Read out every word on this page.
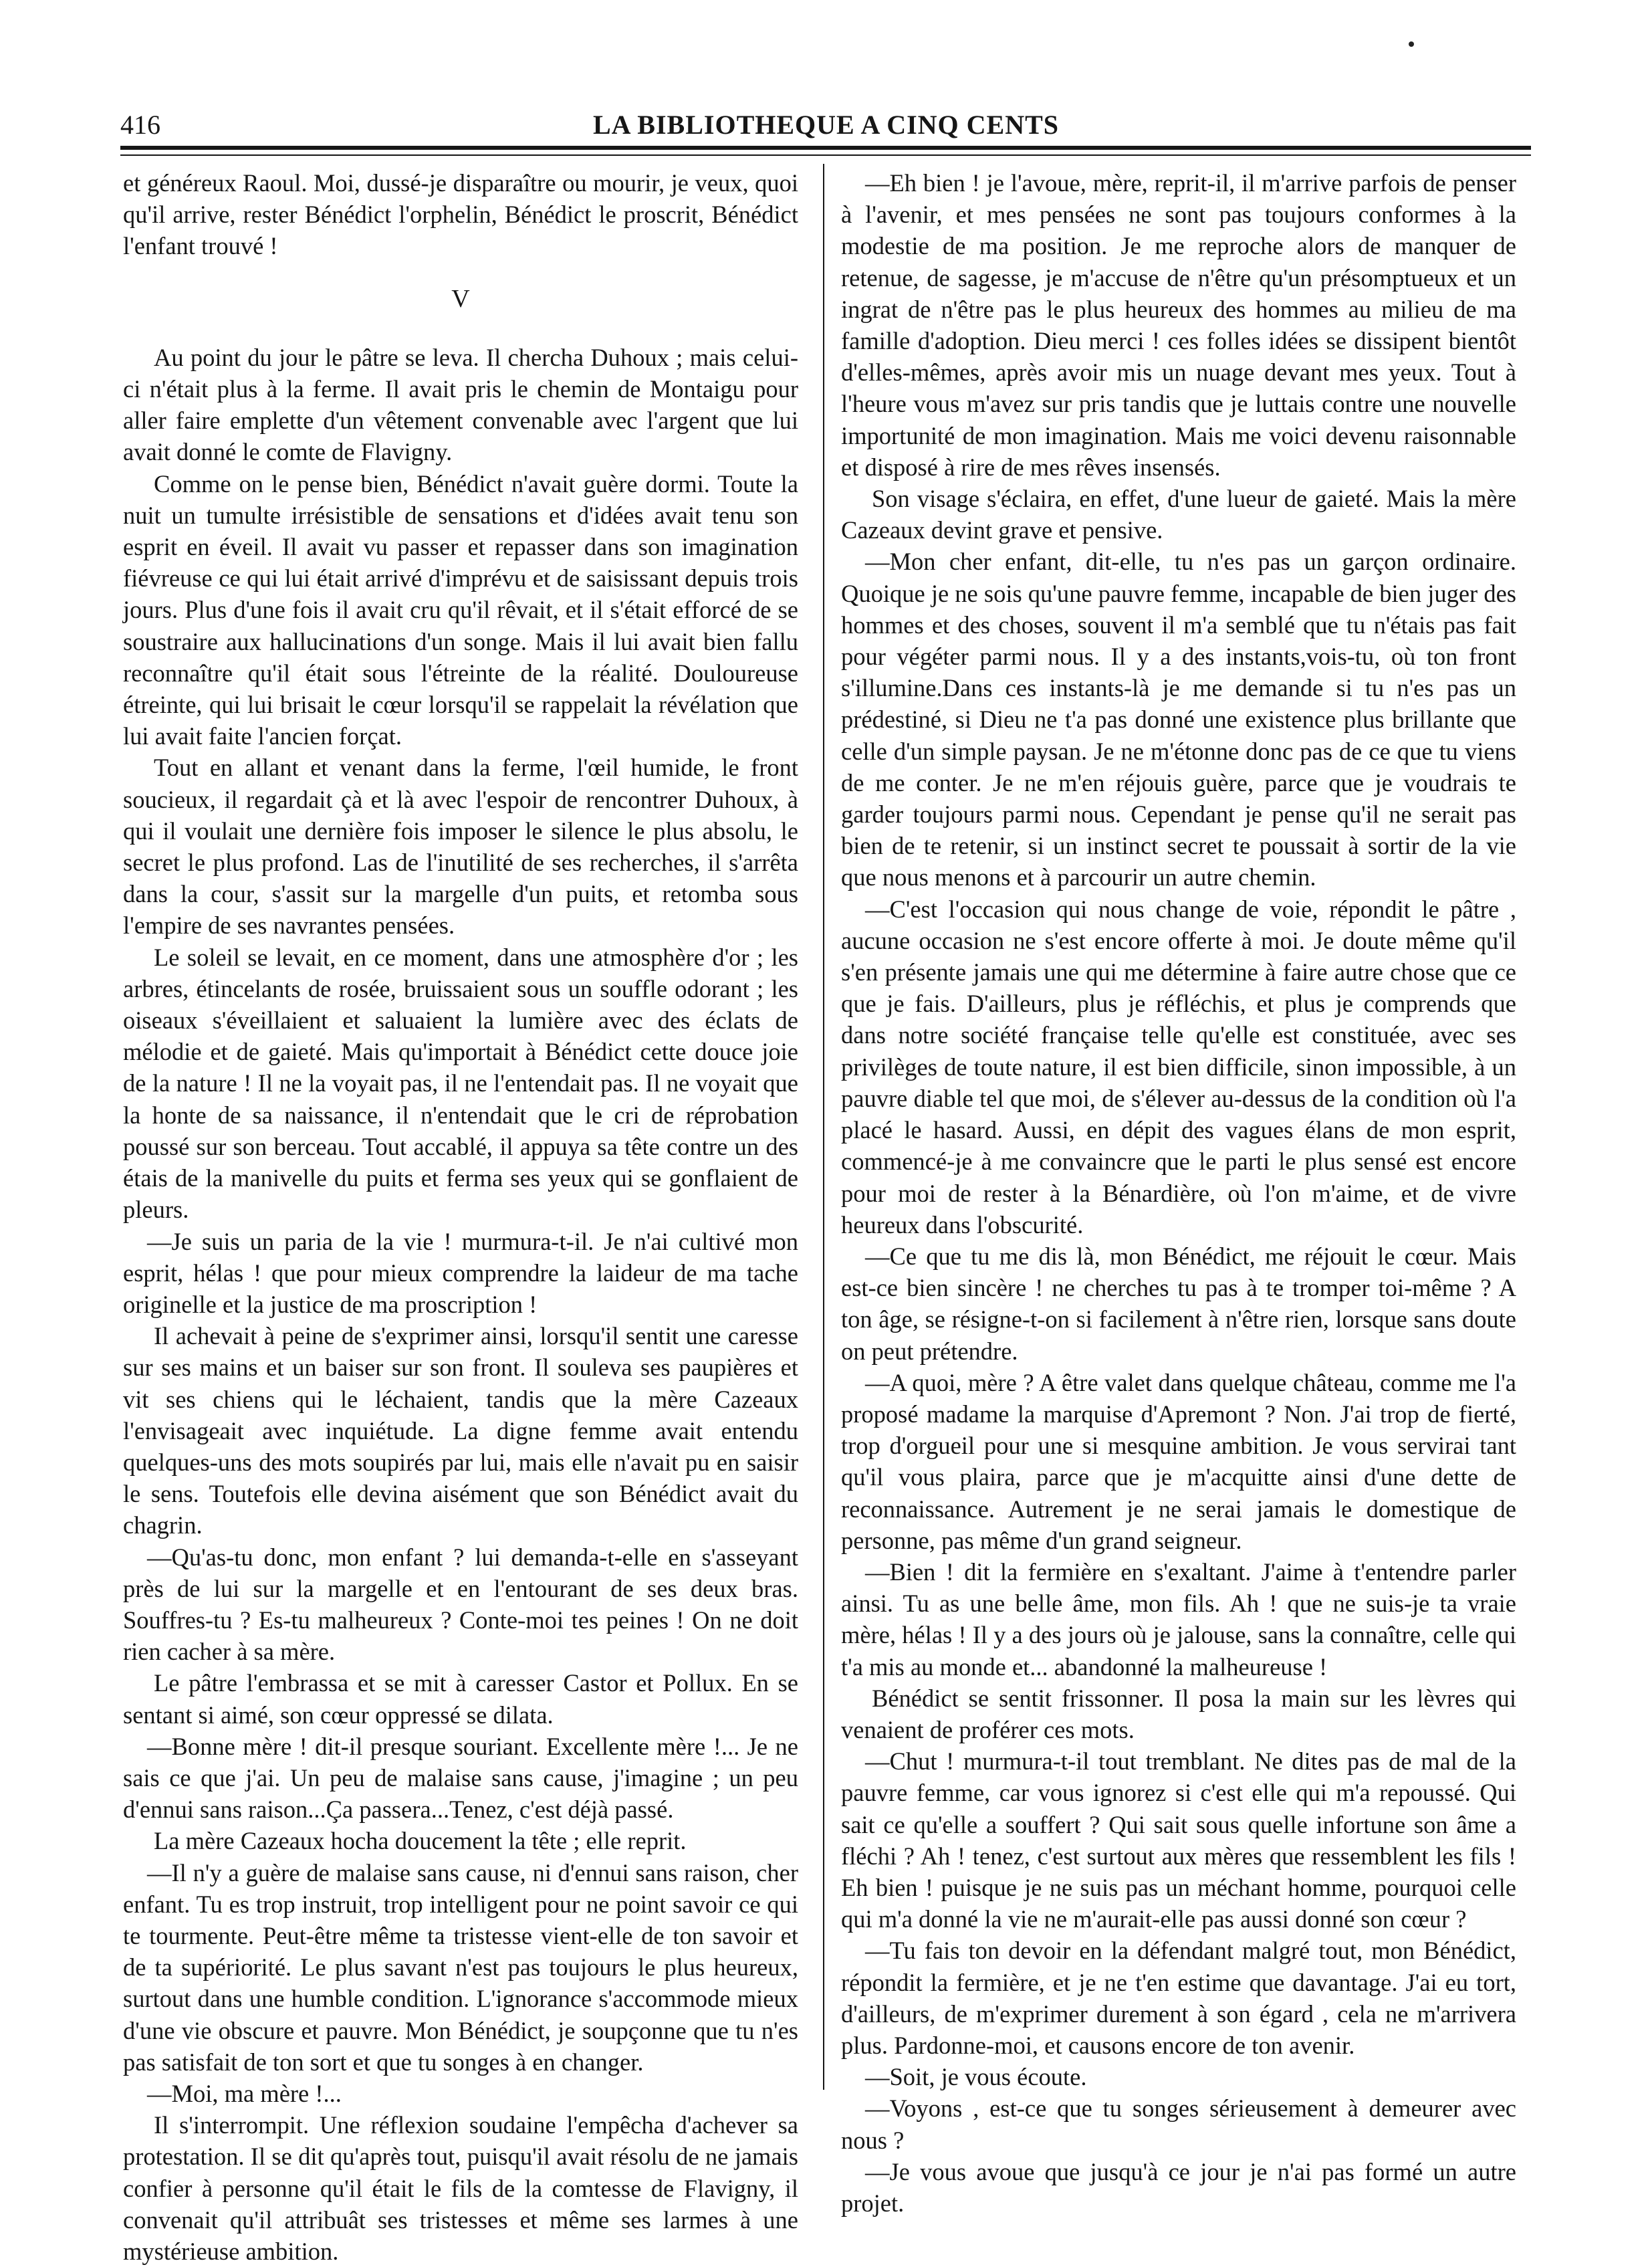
416	LA BIBLIOTHEQUE A CINQ CENTS

et généreux Raoul. Moi, dussé-je disparaître ou mourir, je veux, quoi qu'il arrive, rester Bénédict l'orphelin, Bénédict le proscrit, Bénédict l'enfant trouvé !

V

Au point du jour le pâtre se leva. Il chercha Duhoux ; mais celui-ci n'était plus à la ferme. Il avait pris le chemin de Montaigu pour aller faire emplette d'un vêtement convenable avec l'argent que lui avait donné le comte de Flavigny.

Comme on le pense bien, Bénédict n'avait guère dormi. Toute la nuit un tumulte irrésistible de sensations et d'idées avait tenu son esprit en éveil. Il avait vu passer et repasser dans son imagination fiévreuse ce qui lui était arrivé d'imprévu et de saisissant depuis trois jours. Plus d'une fois il avait cru qu'il rêvait, et il s'était efforcé de se soustraire aux hallucinations d'un songe. Mais il lui avait bien fallu reconnaître qu'il était sous l'étreinte de la réalité. Douloureuse étreinte, qui lui brisait le cœur lorsqu'il se rappelait la révélation que lui avait faite l'ancien forçat.

Tout en allant et venant dans la ferme, l'œil humide, le front soucieux, il regardait çà et là avec l'espoir de rencontrer Duhoux, à qui il voulait une dernière fois imposer le silence le plus absolu, le secret le plus profond. Las de l'inutilité de ses recherches, il s'arrêta dans la cour, s'assit sur la margelle d'un puits, et retomba sous l'empire de ses navrantes pensées.

Le soleil se levait, en ce moment, dans une atmosphère d'or ; les arbres, étincelants de rosée, bruissaient sous un souffle odorant ; les oiseaux s'éveillaient et saluaient la lumière avec des éclats de mélodie et de gaieté. Mais qu'importait à Bénédict cette douce joie de la nature ! Il ne la voyait pas, il ne l'entendait pas. Il ne voyait que la honte de sa naissance, il n'entendait que le cri de réprobation poussé sur son berceau. Tout accablé, il appuya sa tête contre un des étais de la manivelle du puits et ferma ses yeux qui se gonflaient de pleurs.

—Je suis un paria de la vie ! murmura-t-il. Je n'ai cultivé mon esprit, hélas ! que pour mieux comprendre la laideur de ma tache originelle et la justice de ma proscription !

Il achevait à peine de s'exprimer ainsi, lorsqu'il sentit une caresse sur ses mains et un baiser sur son front. Il souleva ses paupières et vit ses chiens qui le léchaient, tandis que la mère Cazeaux l'envisageait avec inquiétude. La digne femme avait entendu quelques-uns des mots soupirés par lui, mais elle n'avait pu en saisir le sens. Toutefois elle devina aisément que son Bénédict avait du chagrin.

—Qu'as-tu donc, mon enfant ? lui demanda-t-elle en s'asseyant près de lui sur la margelle et en l'entourant de ses deux bras. Souffres-tu ? Es-tu malheureux ? Conte-moi tes peines ! On ne doit rien cacher à sa mère.

Le pâtre l'embrassa et se mit à caresser Castor et Pollux. En se sentant si aimé, son cœur oppressé se dilata.

—Bonne mère ! dit-il presque souriant. Excellente mère !... Je ne sais ce que j'ai. Un peu de malaise sans cause, j'imagine ; un peu d'ennui sans raison...Ça passera...Tenez, c'est déjà passé.

La mère Cazeaux hocha doucement la tête ; elle reprit.

—Il n'y a guère de malaise sans cause, ni d'ennui sans raison, cher enfant. Tu es trop instruit, trop intelligent pour ne point savoir ce qui te tourmente. Peut-être même ta tristesse vient-elle de ton savoir et de ta supériorité. Le plus savant n'est pas toujours le plus heureux, surtout dans une humble condition. L'ignorance s'accommode mieux d'une vie obscure et pauvre. Mon Bénédict, je soupçonne que tu n'es pas satisfait de ton sort et que tu songes à en changer.

—Moi, ma mère !...

Il s'interrompit. Une réflexion soudaine l'empêcha d'achever sa protestation. Il se dit qu'après tout, puisqu'il avait résolu de ne jamais confier à personne qu'il était le fils de la comtesse de Flavigny, il convenait qu'il attribuât ses tristesses et même ses larmes à une mystérieuse ambition.

—Eh bien ! je l'avoue, mère, reprit-il, il m'arrive parfois de penser à l'avenir, et mes pensées ne sont pas toujours conformes à la modestie de ma position. Je me reproche alors de manquer de retenue, de sagesse, je m'accuse de n'être qu'un présomptueux et un ingrat de n'être pas le plus heureux des hommes au milieu de ma famille d'adoption. Dieu merci ! ces folles idées se dissipent bientôt d'elles-mêmes, après avoir mis un nuage devant mes yeux. Tout à l'heure vous m'avez sur pris tandis que je luttais contre une nouvelle importunité de mon imagination. Mais me voici devenu raisonnable et disposé à rire de mes rêves insensés.

Son visage s'éclaira, en effet, d'une lueur de gaieté. Mais la mère Cazeaux devint grave et pensive.

—Mon cher enfant, dit-elle, tu n'es pas un garçon ordinaire. Quoique je ne sois qu'une pauvre femme, incapable de bien juger des hommes et des choses, souvent il m'a semblé que tu n'étais pas fait pour végéter parmi nous. Il y a des instants,vois-tu, où ton front s'illumine.Dans ces instants-là je me demande si tu n'es pas un prédestiné, si Dieu ne t'a pas donné une existence plus brillante que celle d'un simple paysan. Je ne m'étonne donc pas de ce que tu viens de me conter. Je ne m'en réjouis guère, parce que je voudrais te garder toujours parmi nous. Cependant je pense qu'il ne serait pas bien de te retenir, si un instinct secret te poussait à sortir de la vie que nous menons et à parcourir un autre chemin.

—C'est l'occasion qui nous change de voie, répondit le pâtre , aucune occasion ne s'est encore offerte à moi. Je doute même qu'il s'en présente jamais une qui me détermine à faire autre chose que ce que je fais. D'ailleurs, plus je réfléchis, et plus je comprends que dans notre société française telle qu'elle est constituée, avec ses privilèges de toute nature, il est bien difficile, sinon impossible, à un pauvre diable tel que moi, de s'élever au-dessus de la condition où l'a placé le hasard. Aussi, en dépit des vagues élans de mon esprit, commencé-je à me convaincre que le parti le plus sensé est encore pour moi de rester à la Bénardière, où l'on m'aime, et de vivre heureux dans l'obscurité.

—Ce que tu me dis là, mon Bénédict, me réjouit le cœur. Mais est-ce bien sincère ! ne cherches tu pas à te tromper toi-même ? A ton âge, se résigne-t-on si facilement à n'être rien, lorsque sans doute on peut prétendre.

—A quoi, mère ? A être valet dans quelque château, comme me l'a proposé madame la marquise d'Apremont ? Non. J'ai trop de fierté, trop d'orgueil pour une si mesquine ambition. Je vous servirai tant qu'il vous plaira, parce que je m'acquitte ainsi d'une dette de reconnaissance. Autrement je ne serai jamais le domestique de personne, pas même d'un grand seigneur.

—Bien ! dit la fermière en s'exaltant. J'aime à t'entendre parler ainsi. Tu as une belle âme, mon fils. Ah ! que ne suis-je ta vraie mère, hélas ! Il y a des jours où je jalouse, sans la connaître, celle qui t'a mis au monde et... abandonné la malheureuse !

Bénédict se sentit frissonner. Il posa la main sur les lèvres qui venaient de proférer ces mots.

—Chut ! murmura-t-il tout tremblant. Ne dites pas de mal de la pauvre femme, car vous ignorez si c'est elle qui m'a repoussé. Qui sait ce qu'elle a souffert ? Qui sait sous quelle infortune son âme a fléchi ? Ah ! tenez, c'est surtout aux mères que ressemblent les fils ! Eh bien ! puisque je ne suis pas un méchant homme, pourquoi celle qui m'a donné la vie ne m'aurait-elle pas aussi donné son cœur ?

—Tu fais ton devoir en la défendant malgré tout, mon Bénédict, répondit la fermière, et je ne t'en estime que davantage. J'ai eu tort, d'ailleurs, de m'exprimer durement à son égard , cela ne m'arrivera plus. Pardonne-moi, et causons encore de ton avenir.

—Soit, je vous écoute.

—Voyons , est-ce que tu songes sérieusement à demeurer avec nous ?

—Je vous avoue que jusqu'à ce jour je n'ai pas formé un autre projet.
